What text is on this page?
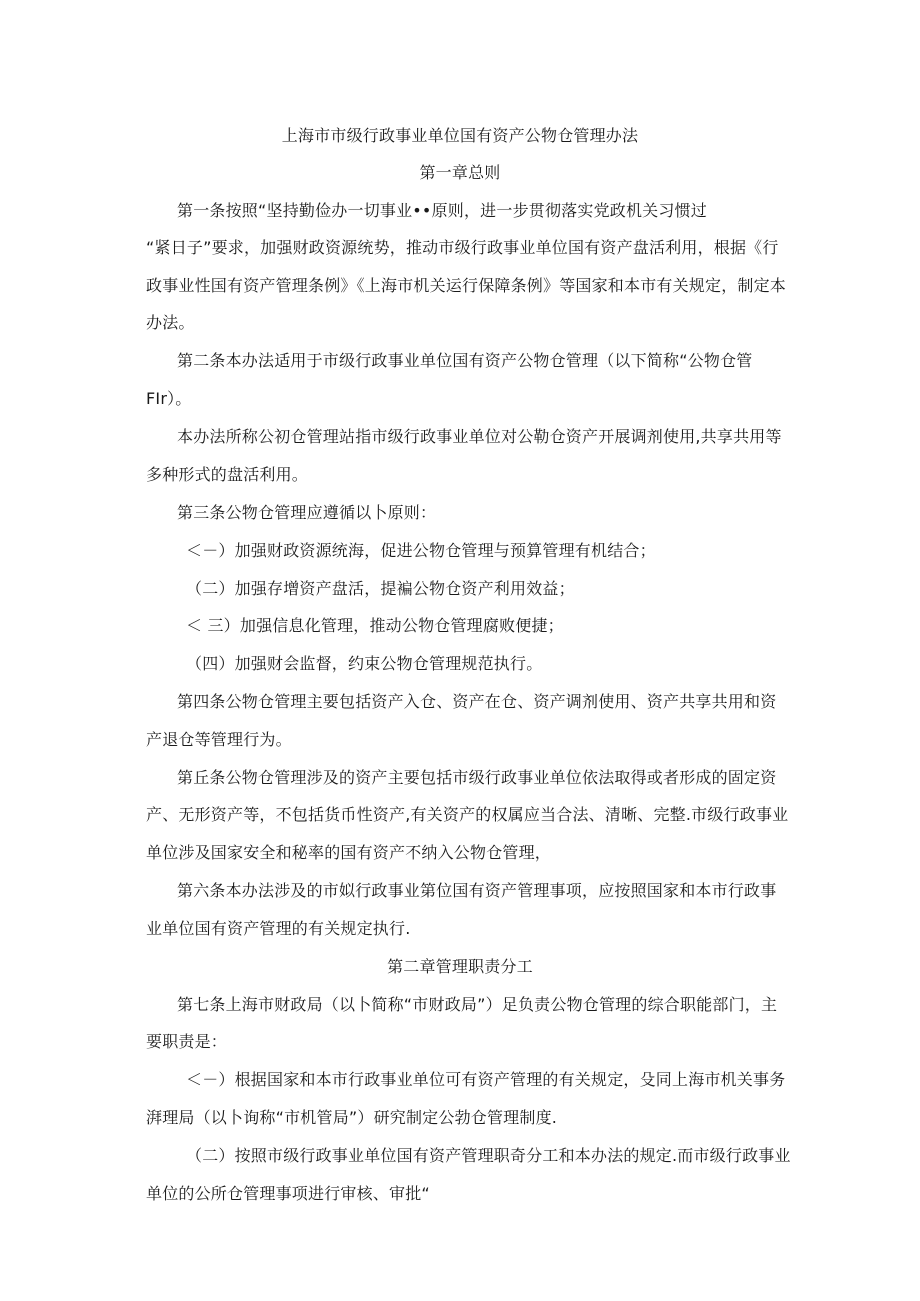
上海市市级行政事业单位国有资产公物仓管理办法
第一章总则
第一条按照“坚持勤俭办一切事业••原则，进一步贯彻落实党政机关习惯过
“紧日子”要求，加强财政资源统势，推动市级行政事业单位国有资产盘活利用，根据《行
政事业性国有资产管理条例》《上海市机关运行保障条例》等国家和本市有关规定，制定本
办法。
第二条本办法适用于市级行政事业单位国有资产公物仓管理（以下简称“公物仓管
FIr）。
本办法所称公初仓管理站指市级行政事业单位对公勒仓资产开展调剂使用,共享共用等
多种形式的盘活利用。
第三条公物仓管理应遵循以卜原则：
＜－）加强财政资源统海，促进公物仓管理与预算管理有机结合；
（二）加强存增资产盘活，提褊公物仓资产利用效益；
＜ 三）加强信息化管理，推动公物仓管理腐败便捷；
（四）加强财会监督，约束公物仓管理规范执行。
第四条公物仓管理主要包括资产入仓、资产在仓、资产调剂使用、资产共享共用和资
产退仓等管理行为。
第丘条公物仓管理涉及的资产主要包括市级行政事业单位依法取得或者形成的固定资
产、无形资产等，不包括货币性资产,有关资产的权属应当合法、清晰、完整.市级行政事业
单位涉及国家安全和秘率的国有资产不纳入公物仓管理，
第六条本办法涉及的市姒行政事业第位国有资产管理事项，应按照国家和本市行政事
业单位国有资产管理的有关规定执行.
第二章管理职责分工
第七条上海市财政局（以卜简称“市财政局”）足负责公物仓管理的综合职能部门，主
要职责是：
＜－）根据国家和本市行政事业单位可有资产管理的有关规定，殳同上海市机关事务
湃理局（以卜询称“市机管局”）研究制定公勃仓管理制度.
（二）按照市级行政事业单位国有资产管理职奇分工和本办法的规定.而市级行政事业
单位的公所仓管理事项进行审核、审批“
